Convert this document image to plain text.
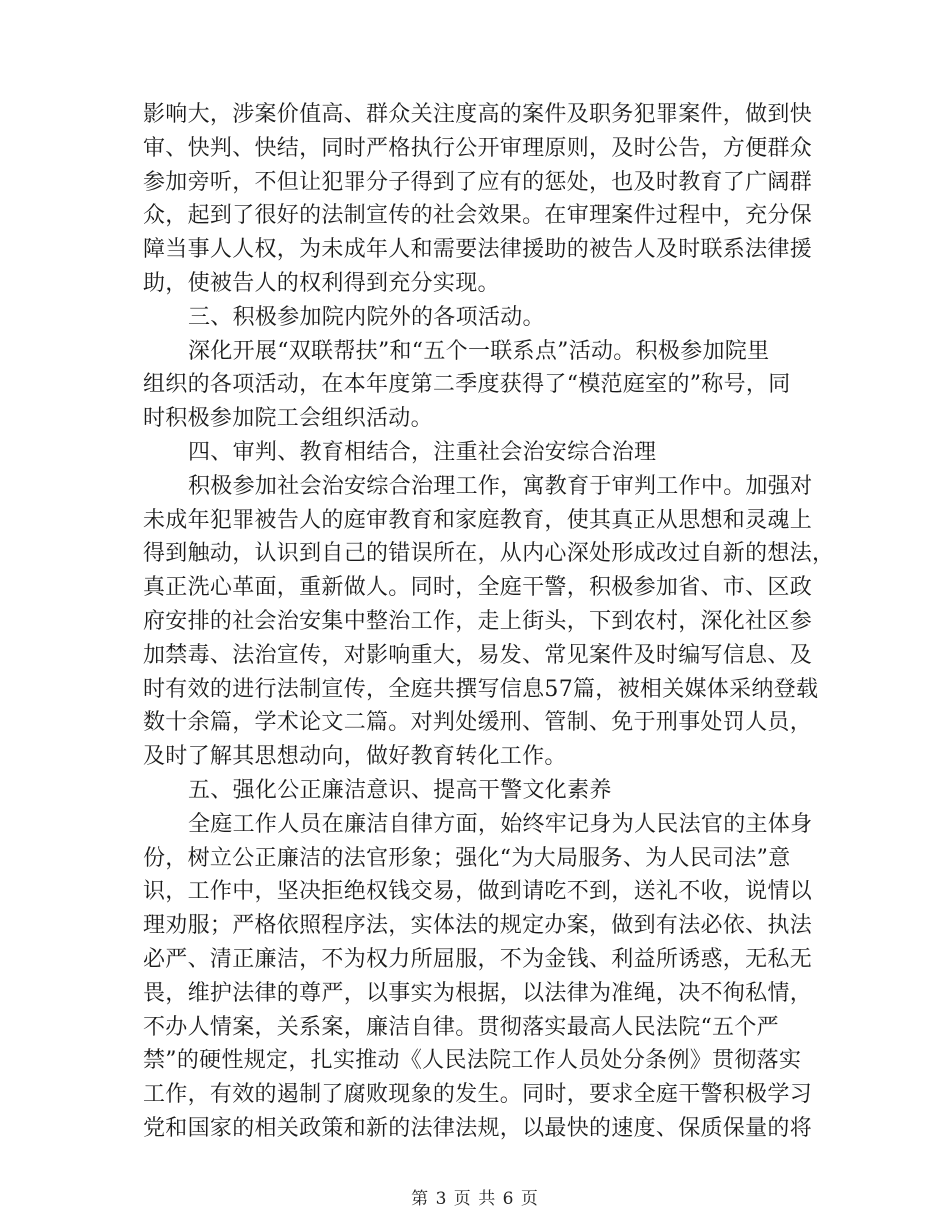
影响大，涉案价值高、群众关注度高的案件及职务犯罪案件，做到快
审、快判、快结，同时严格执行公开审理原则，及时公告，方便群众
参加旁听，不但让犯罪分子得到了应有的惩处，也及时教育了广阔群
众，起到了很好的法制宣传的社会效果。在审理案件过程中，充分保
障当事人人权，为未成年人和需要法律援助的被告人及时联系法律援
助，使被告人的权利得到充分实现。
三、积极参加院内院外的各项活动。
深化开展“双联帮扶”和“五个一联系点”活动。积极参加院里
组织的各项活动，在本年度第二季度获得了“模范庭室的”称号，同
时积极参加院工会组织活动。
四、审判、教育相结合，注重社会治安综合治理
积极参加社会治安综合治理工作，寓教育于审判工作中。加强对
未成年犯罪被告人的庭审教育和家庭教育，使其真正从思想和灵魂上
得到触动，认识到自己的错误所在，从内心深处形成改过自新的想法，
真正洗心革面，重新做人。同时，全庭干警，积极参加省、市、区政
府安排的社会治安集中整治工作，走上街头，下到农村，深化社区参
加禁毒、法治宣传，对影响重大，易发、常见案件及时编写信息、及
时有效的进行法制宣传，全庭共撰写信息57篇，被相关媒体采纳登载
数十余篇，学术论文二篇。对判处缓刑、管制、免于刑事处罚人员，
及时了解其思想动向，做好教育转化工作。
五、强化公正廉洁意识、提高干警文化素养
全庭工作人员在廉洁自律方面，始终牢记身为人民法官的主体身
份，树立公正廉洁的法官形象；强化“为大局服务、为人民司法”意
识，工作中，坚决拒绝权钱交易，做到请吃不到，送礼不收，说情以
理劝服；严格依照程序法，实体法的规定办案，做到有法必依、执法
必严、清正廉洁，不为权力所屈服，不为金钱、利益所诱惑，无私无
畏，维护法律的尊严，以事实为根据，以法律为准绳，决不徇私情，
不办人情案，关系案，廉洁自律。贯彻落实最高人民法院“五个严
禁”的硬性规定，扎实推动《人民法院工作人员处分条例》贯彻落实
工作，有效的遏制了腐败现象的发生。同时，要求全庭干警积极学习
党和国家的相关政策和新的法律法规，以最快的速度、保质保量的将
第 3 页 共 6 页
